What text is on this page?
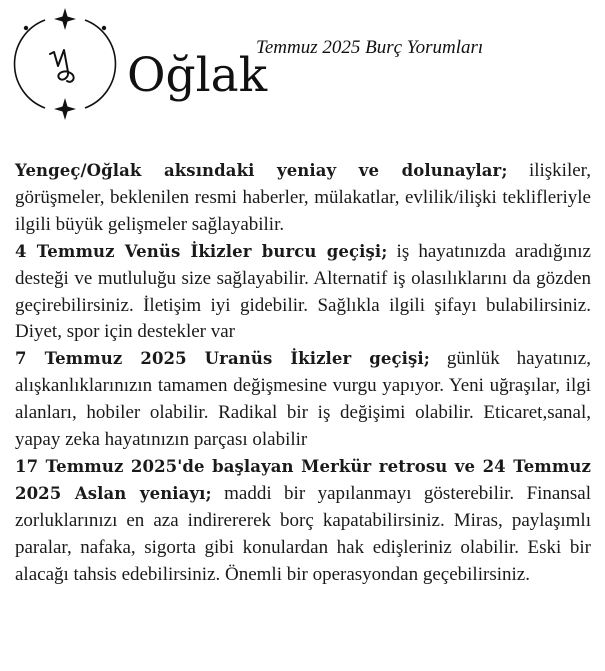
Oğlak
Temmuz 2025 Burç Yorumları

Yengeç/Oğlak aksındaki yeniay ve dolunaylar; ilişkiler, görüşmeler, beklenilen resmi haberler, mülakatlar, evlilik/ilişki teklifleriyle ilgili büyük gelişmeler sağlayabilir.

4 Temmuz Venüs İkizler burcu geçişi; iş hayatınızda aradığınız desteği ve mutluluğu size sağlayabilir. Alternatif iş olasılıklarını da gözden geçirebilirsiniz. İletişim iyi gidebilir. Sağlıkla ilgili şifayı bulabilirsiniz. Diyet, spor için destekler var

7 Temmuz 2025 Uranüs İkizler geçişi; günlük hayatınız, alışkanlıklarınızın tamamen değişmesine vurgu yapıyor. Yeni uğraşılar, ilgi alanları, hobiler olabilir. Radikal bir iş değişimi olabilir. Eticaret,sanal, yapay zeka hayatınızın parçası olabilir

17 Temmuz 2025'de başlayan Merkür retrosu ve 24 Temmuz 2025 Aslan yeniayı; maddi bir yapılanmayı gösterebilir. Finansal zorluklarınızı en aza indirererek borç kapatabilirsiniz. Miras, paylaşımlı paralar, nafaka, sigorta gibi konulardan hak edişleriniz olabilir. Eski bir alacağı tahsis edebilirsiniz. Önemli bir operasyondan geçebilirsiniz.
